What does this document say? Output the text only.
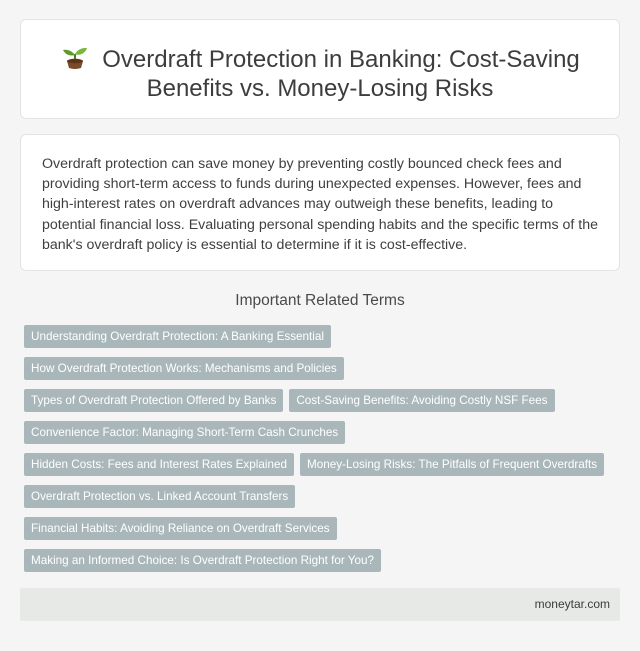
Overdraft Protection in Banking: Cost-Saving
Benefits vs. Money-Losing Risks

Overdraft protection can save money by preventing costly bounced check fees and providing short-term access to funds during unexpected expenses. However, fees and high-interest rates on overdraft advances may outweigh these benefits, leading to potential financial loss. Evaluating personal spending habits and the specific terms of the bank's overdraft policy is essential to determine if it is cost-effective.

Important Related Terms
Understanding Overdraft Protection: A Banking Essential
How Overdraft Protection Works: Mechanisms and Policies
Types of Overdraft Protection Offered by Banks Cost-Saving Benefits: Avoiding Costly NSF Fees
Convenience Factor: Managing Short-Term Cash Crunches
Hidden Costs: Fees and Interest Rates Explained Money-Losing Risks: The Pitfalls of Frequent Overdrafts
Overdraft Protection vs. Linked Account Transfers
Financial Habits: Avoiding Reliance on Overdraft Services
Making an Informed Choice: Is Overdraft Protection Right for You?
moneytar.com
